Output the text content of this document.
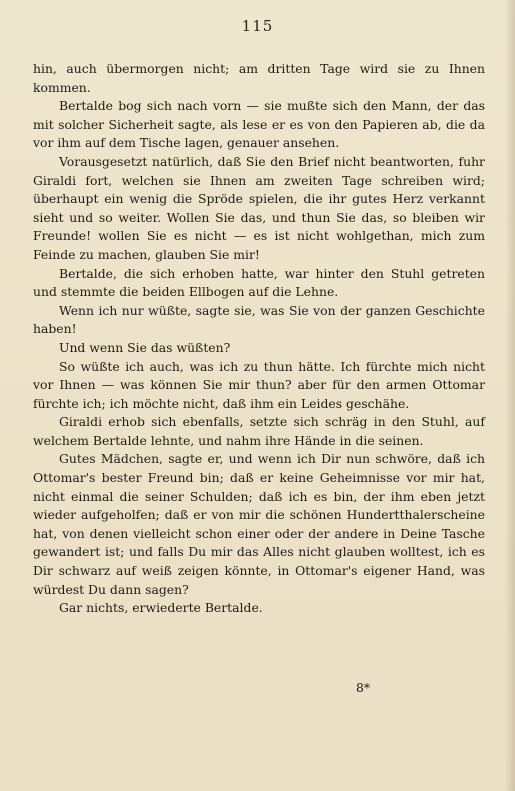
115

hin, auch übermorgen nicht; am dritten Tage wird sie zu Ihnen kommen.

Bertalde bog sich nach vorn — sie mußte sich den Mann, der das mit solcher Sicherheit sagte, als lese er es von den Papieren ab, die da vor ihm auf dem Tische lagen, genauer ansehen.

Vorausgesetzt natürlich, daß Sie den Brief nicht beantworten, fuhr Giraldi fort, welchen sie Ihnen am zweiten Tage schreiben wird; überhaupt ein wenig die Spröde spielen, die ihr gutes Herz verkannt sieht und so weiter. Wollen Sie das, und thun Sie das, so bleiben wir Freunde! wollen Sie es nicht — es ist nicht wohlgethan, mich zum Feinde zu machen, glauben Sie mir!

Bertalde, die sich erhoben hatte, war hinter den Stuhl getreten und stemmte die beiden Ellbogen auf die Lehne.

Wenn ich nur wüßte, sagte sie, was Sie von der ganzen Geschichte haben!

Und wenn Sie das wüßten?

So wüßte ich auch, was ich zu thun hätte. Ich fürchte mich nicht vor Ihnen — was können Sie mir thun? aber für den armen Ottomar fürchte ich; ich möchte nicht, daß ihm ein Leides geschähe.

Giraldi erhob sich ebenfalls, setzte sich schräg in den Stuhl, auf welchem Bertalde lehnte, und nahm ihre Hände in die seinen.

Gutes Mädchen, sagte er, und wenn ich Dir nun schwöre, daß ich Ottomar's bester Freund bin; daß er keine Geheimnisse vor mir hat, nicht einmal die seiner Schulden; daß ich es bin, der ihm eben jetzt wieder aufgeholfen; daß er von mir die schönen Hundertthalerscheine hat, von denen vielleicht schon einer oder der andere in Deine Tasche gewandert ist; und falls Du mir das Alles nicht glauben wolltest, ich es Dir schwarz auf weiß zeigen könnte, in Ottomar's eigener Hand, was würdest Du dann sagen?

Gar nichts, erwiederte Bertalde.

8*
